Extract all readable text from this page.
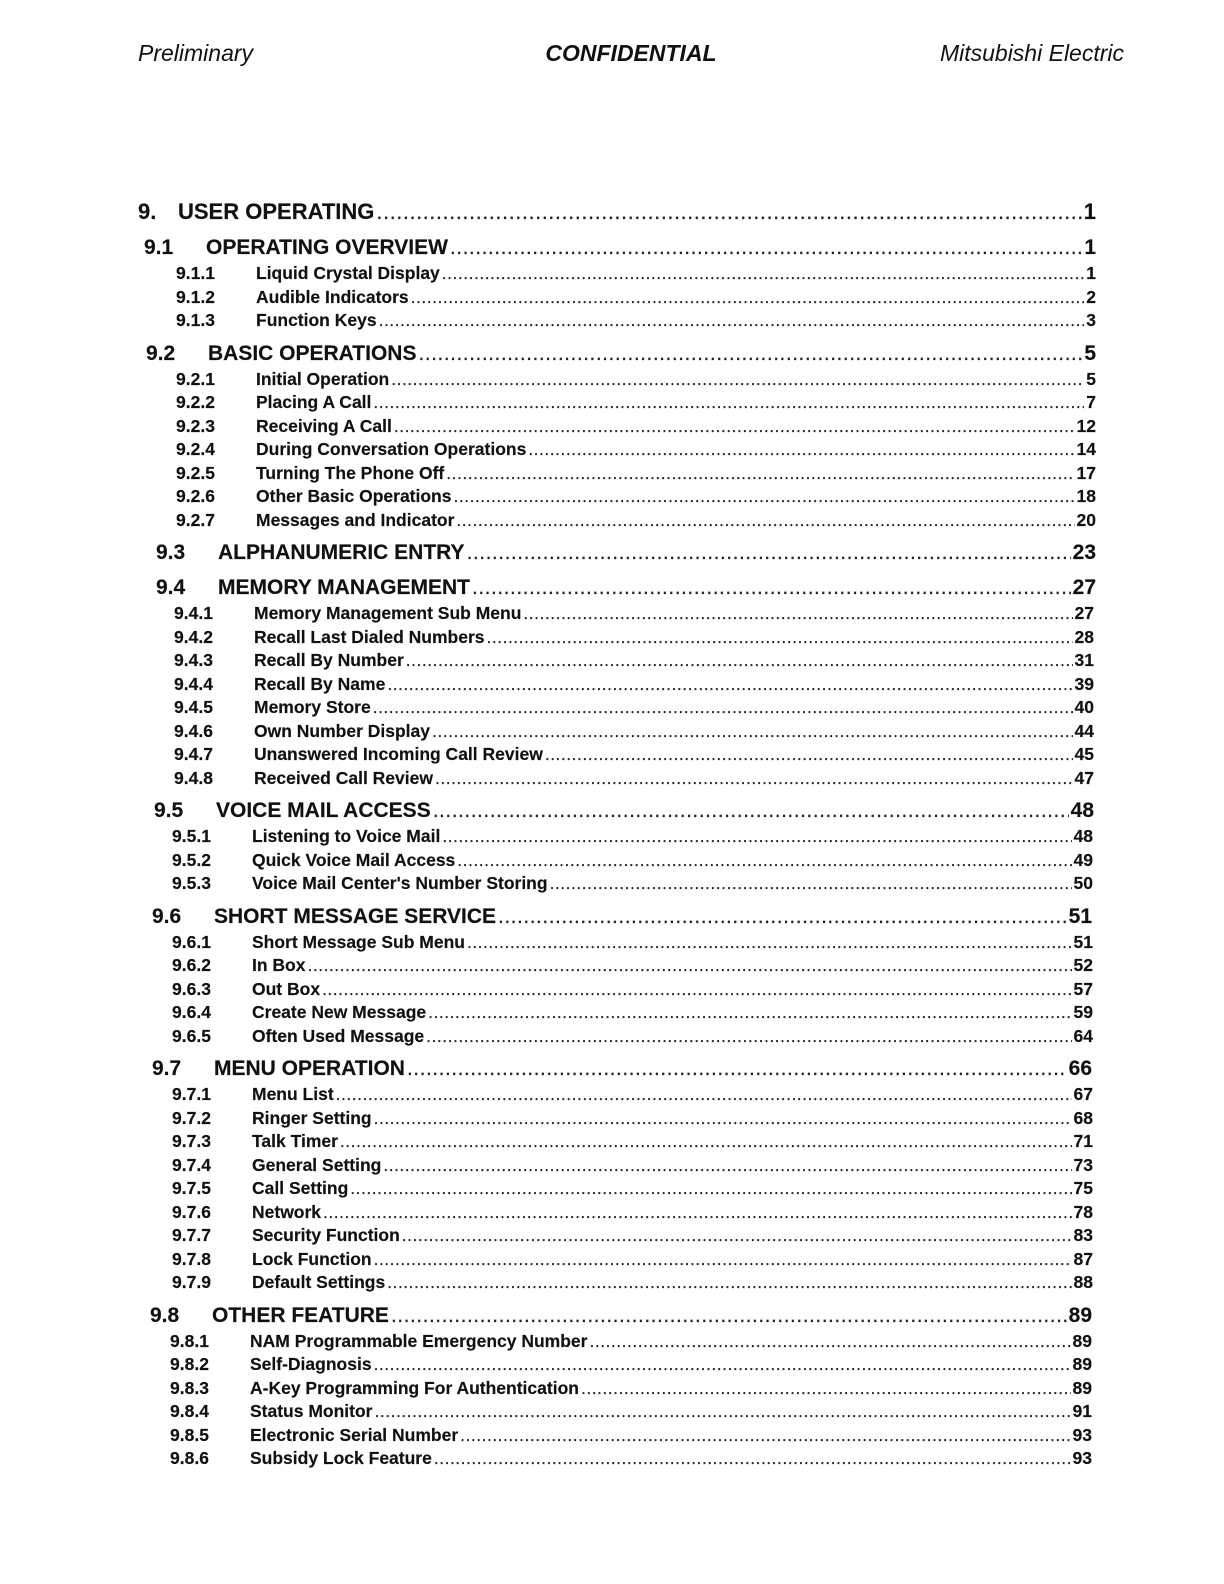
Preliminary	CONFIDENTIAL	Mitsubishi Electric
9. USER OPERATING .....	1
9.1	OPERATING OVERVIEW .....	1
9.1.1	Liquid Crystal Display .....	1
9.1.2	Audible Indicators .....	2
9.1.3	Function Keys .....	3
9.2	BASIC OPERATIONS .....	5
9.2.1	Initial Operation .....	5
9.2.2	Placing A Call .....	7
9.2.3	Receiving A Call .....	12
9.2.4	During Conversation Operations .....	14
9.2.5	Turning The Phone Off .....	17
9.2.6	Other Basic Operations .....	18
9.2.7	Messages and Indicator .....	20
9.3	ALPHANUMERIC ENTRY .....	23
9.4	MEMORY MANAGEMENT .....	27
9.4.1	Memory Management Sub Menu .....	27
9.4.2	Recall Last Dialed Numbers .....	28
9.4.3	Recall By Number .....	31
9.4.4	Recall By Name .....	39
9.4.5	Memory Store .....	40
9.4.6	Own Number Display .....	44
9.4.7	Unanswered Incoming Call Review .....	45
9.4.8	Received Call Review .....	47
9.5	VOICE MAIL ACCESS .....	48
9.5.1	Listening to Voice Mail .....	48
9.5.2	Quick Voice Mail Access .....	49
9.5.3	Voice Mail Center's Number Storing .....	50
9.6	SHORT MESSAGE SERVICE .....	51
9.6.1	Short Message Sub Menu .....	51
9.6.2	In Box .....	52
9.6.3	Out Box .....	57
9.6.4	Create New Message .....	59
9.6.5	Often Used Message .....	64
9.7	MENU OPERATION .....	66
9.7.1	Menu List .....	67
9.7.2	Ringer Setting .....	68
9.7.3	Talk Timer .....	71
9.7.4	General Setting .....	73
9.7.5	Call Setting .....	75
9.7.6	Network .....	78
9.7.7	Security Function .....	83
9.7.8	Lock Function .....	87
9.7.9	Default Settings .....	88
9.8	OTHER FEATURE .....	89
9.8.1	NAM Programmable Emergency Number .....	89
9.8.2	Self-Diagnosis .....	89
9.8.3	A-Key Programming For Authentication .....	89
9.8.4	Status Monitor .....	91
9.8.5	Electronic Serial Number .....	93
9.8.6	Subsidy Lock Feature .....	93
